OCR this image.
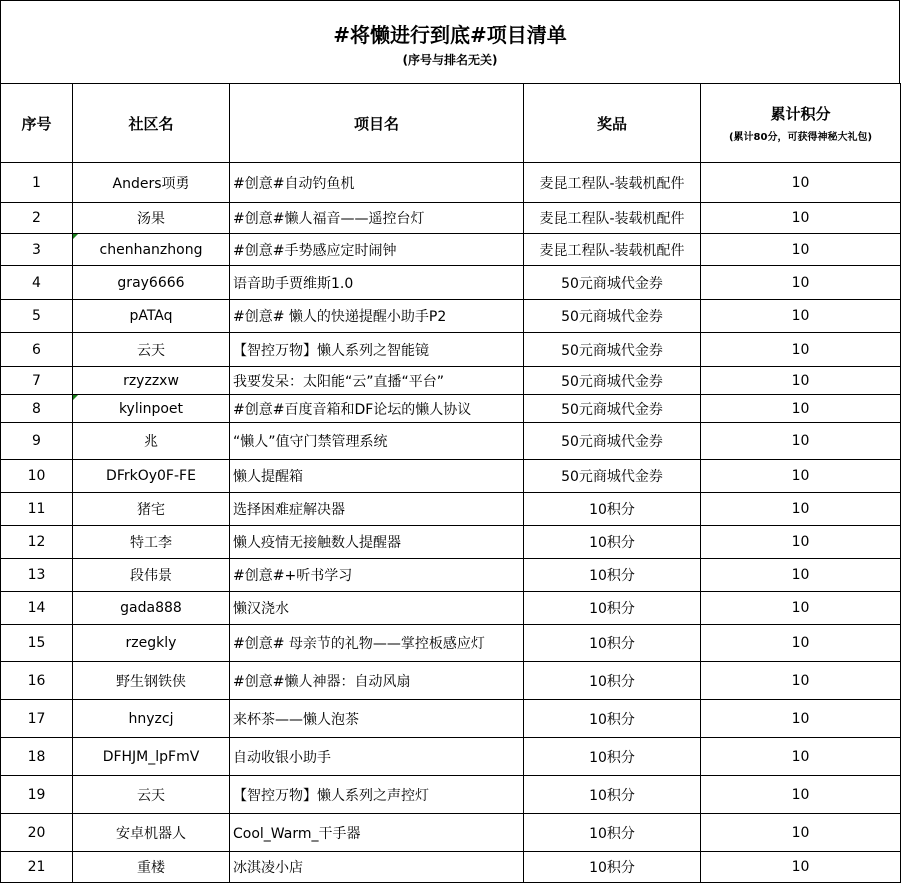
#将懒进行到底#项目清单
(序号与排名无关)
序号	社区名	项目名	奖品	累计积分
(累计80分，可获得神秘大礼包)

1	Anders项勇	#创意#自动钓鱼机	麦昆工程队-装载机配件	10
2	汤果	#创意#懒人福音——遥控台灯	麦昆工程队-装载机配件	10
3	chenhanzhong	#创意#手势感应定时闹钟	麦昆工程队-装载机配件	10
4	gray6666	语音助手贾维斯1.0	50元商城代金券	10
5	pATAq	#创意# 懒人的快递提醒小助手P2	50元商城代金券	10
6	云天	【智控万物】懒人系列之智能镜	50元商城代金券	10
7	rzyzzxw	我要发呆：太阳能“云”直播“平台”	50元商城代金券	10
8	kylinpoet	#创意#百度音箱和DF论坛的懒人协议	50元商城代金券	10
9	兆	“懒人”值守门禁管理系统	50元商城代金券	10
10	DFrkOy0F-FE	懒人提醒箱	50元商城代金券	10
11	猪宅	选择困难症解决器	10积分	10
12	特工李	懒人疫情无接触数人提醒器	10积分	10
13	段伟景	#创意#+听书学习	10积分	10
14	gada888	懒汉浇水	10积分	10
15	rzegkly	#创意# 母亲节的礼物——掌控板感应灯	10积分	10
16	野生钢铁侠	#创意#懒人神器：自动风扇	10积分	10
17	hnyzcj	来杯茶——懒人泡茶	10积分	10
18	DFHJM_lpFmV	自动收银小助手	10积分	10
19	云天	【智控万物】懒人系列之声控灯	10积分	10
20	安卓机器人	Cool_Warm_干手器	10积分	10
21	重楼	冰淇凌小店	10积分	10
